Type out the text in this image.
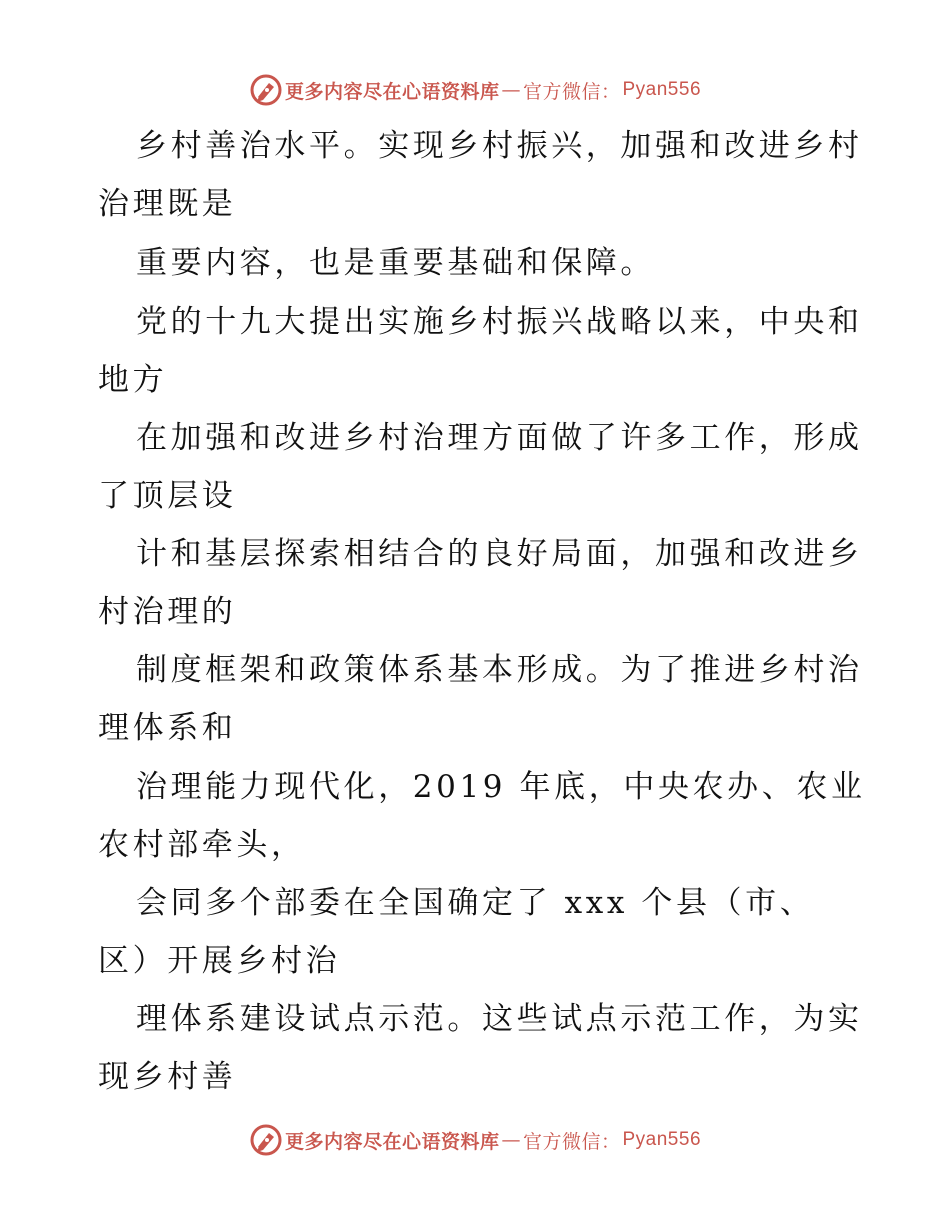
更多内容尽在心语资料库 — 官方微信： Pyan556
乡村善治水平。实现乡村振兴，加强和改进乡村
治理既是
重要内容，也是重要基础和保障。
党的十九大提出实施乡村振兴战略以来，中央和
地方
在加强和改进乡村治理方面做了许多工作，形成
了顶层设
计和基层探索相结合的良好局面，加强和改进乡
村治理的
制度框架和政策体系基本形成。为了推进乡村治
理体系和
治理能力现代化，2019 年底，中央农办、农业
农村部牵头，
会同多个部委在全国确定了 xxx 个县（市、
区）开展乡村治
理体系建设试点示范。这些试点示范工作，为实
现乡村善
更多内容尽在心语资料库 — 官方微信： Pyan556
